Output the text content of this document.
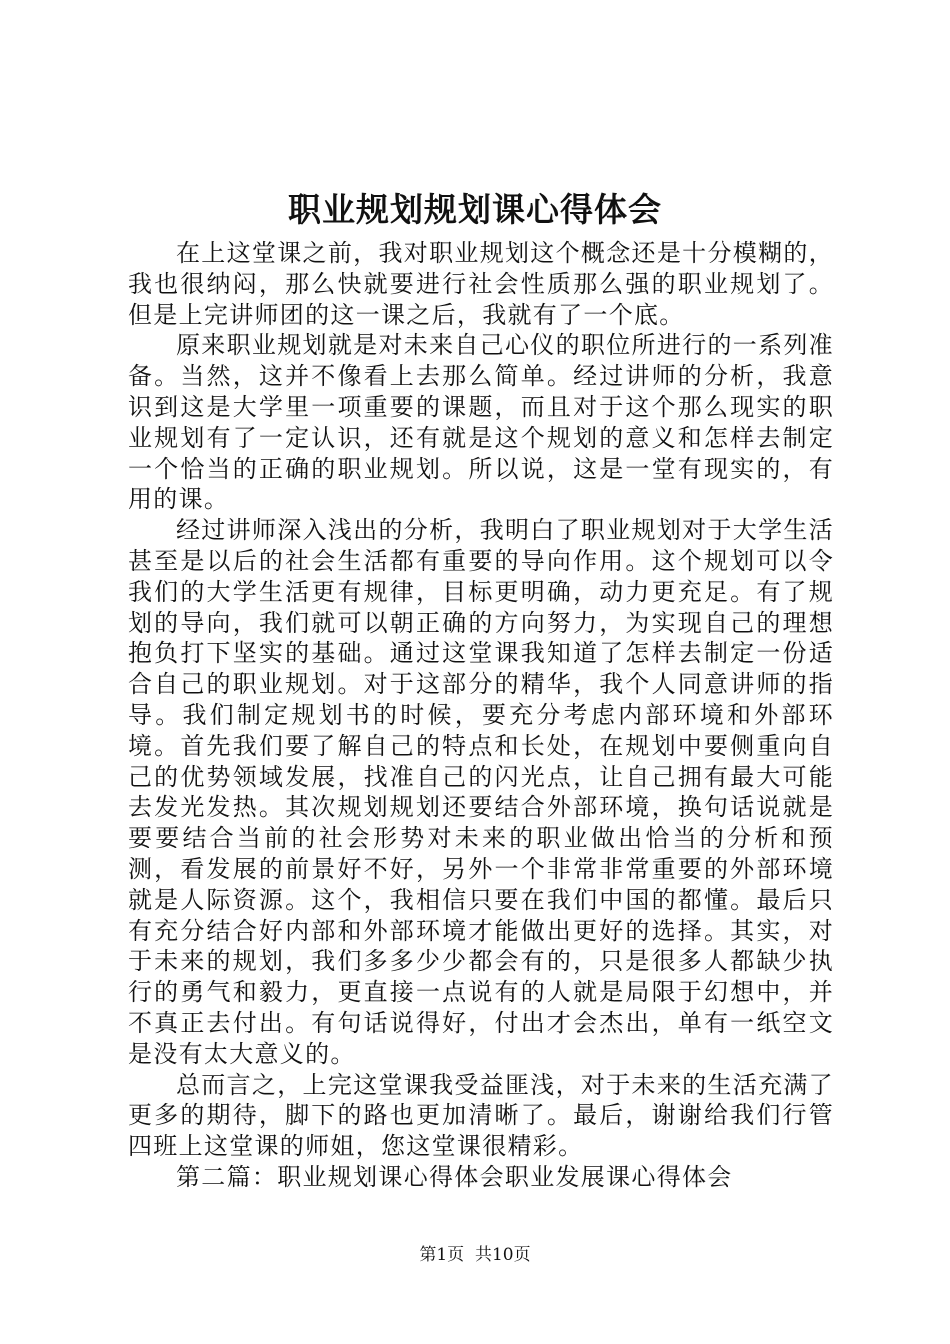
职业规划规划课心得体会

在上这堂课之前，我对职业规划这个概念还是十分模糊的，我也很纳闷，那么快就要进行社会性质那么强的职业规划了。但是上完讲师团的这一课之后，我就有了一个底。

原来职业规划就是对未来自己心仪的职位所进行的一系列准备。当然，这并不像看上去那么简单。经过讲师的分析，我意识到这是大学里一项重要的课题，而且对于这个那么现实的职业规划有了一定认识，还有就是这个规划的意义和怎样去制定一个恰当的正确的职业规划。所以说，这是一堂有现实的，有用的课。

经过讲师深入浅出的分析，我明白了职业规划对于大学生活甚至是以后的社会生活都有重要的导向作用。这个规划可以令我们的大学生活更有规律，目标更明确，动力更充足。有了规划的导向，我们就可以朝正确的方向努力，为实现自己的理想抱负打下坚实的基础。通过这堂课我知道了怎样去制定一份适合自己的职业规划。对于这部分的精华，我个人同意讲师的指导。我们制定规划书的时候，要充分考虑内部环境和外部环境。首先我们要了解自己的特点和长处，在规划中要侧重向自己的优势领域发展，找准自己的闪光点，让自己拥有最大可能去发光发热。其次规划规划还要结合外部环境，换句话说就是要要结合当前的社会形势对未来的职业做出恰当的分析和预测，看发展的前景好不好，另外一个非常非常重要的外部环境就是人际资源。这个，我相信只要在我们中国的都懂。最后只有充分结合好内部和外部环境才能做出更好的选择。其实，对于未来的规划，我们多多少少都会有的，只是很多人都缺少执行的勇气和毅力，更直接一点说有的人就是局限于幻想中，并不真正去付出。有句话说得好，付出才会杰出，单有一纸空文是没有太大意义的。

总而言之，上完这堂课我受益匪浅，对于未来的生活充满了更多的期待，脚下的路也更加清晰了。最后，谢谢给我们行管四班上这堂课的师姐，您这堂课很精彩。

第二篇：职业规划课心得体会职业发展课心得体会

第1页  共10页
